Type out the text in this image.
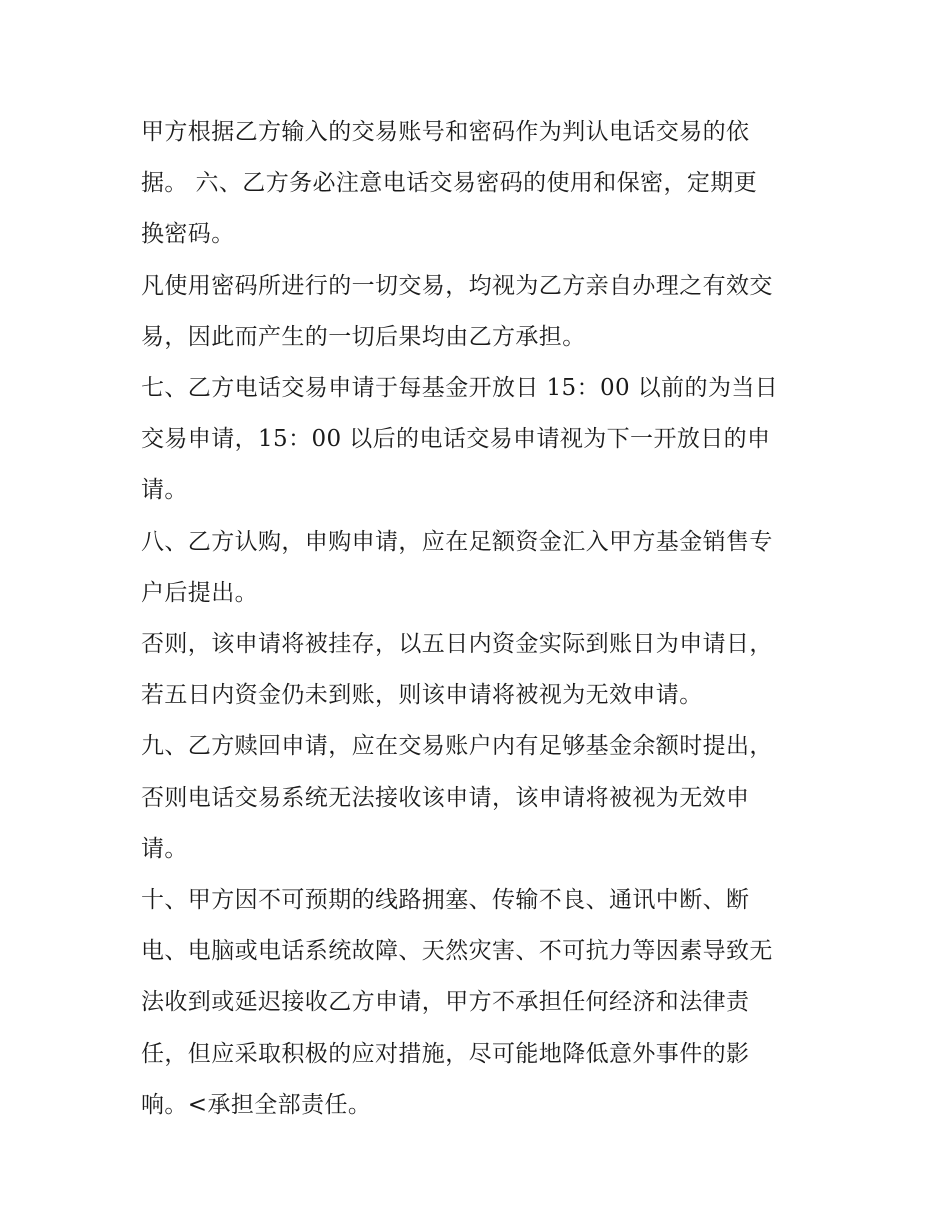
甲方根据乙方输入的交易账号和密码作为判认电话交易的依

据。 六、乙方务必注意电话交易密码的使用和保密，定期更

换密码。

凡使用密码所进行的一切交易，均视为乙方亲自办理之有效交

易，因此而产生的一切后果均由乙方承担。

七、乙方电话交易申请于每基金开放日 15：00 以前的为当日

交易申请，15：00 以后的电话交易申请视为下一开放日的申

请。

八、乙方认购，申购申请，应在足额资金汇入甲方基金销售专

户后提出。

否则，该申请将被挂存，以五日内资金实际到账日为申请日，

若五日内资金仍未到账，则该申请将被视为无效申请。

九、乙方赎回申请，应在交易账户内有足够基金余额时提出，

否则电话交易系统无法接收该申请，该申请将被视为无效申

请。

十、甲方因不可预期的线路拥塞、传输不良、通讯中断、断

电、电脑或电话系统故障、天然灾害、不可抗力等因素导致无

法收到或延迟接收乙方申请，甲方不承担任何经济和法律责

任，但应采取积极的应对措施，尽可能地降低意外事件的影

响。<承担全部责任。
